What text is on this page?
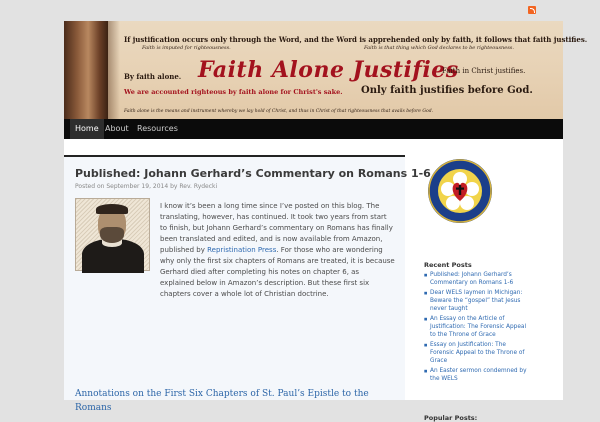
If justification occurs only through the Word, and the Word is apprehended only by faith, it follows that faith justifies.
Faith is imputed for righteousness.	Faith is that thing which God declares to be righteousness.
By faith alone. Faith Alone Justifies
Faith in Christ justifies.
We are accounted righteous by faith alone for Christ's sake. Only faith justifies before God.
Faith alone is the means and instrument whereby we lay hold of Christ, and thus in Christ of that righteousness that avails before God.
Home About	Resources
Published: Johann Gerhard’s Commentary on Romans 1-6
Posted on September 19, 2014 by Rev. Rydecki
I know it’s been a long time since I’ve posted on this blog. The translating, however, has continued. It took two years from start to finish, but Johann Gerhard’s commentary on Romans has finally been translated and edited, and is now available from Amazon, published by Repristination Press. For those who are wondering why only the first six chapters of Romans are treated, it is because Gerhard died after completing his notes on chapter 6, as explained below in Amazon’s description. But these first six chapters cover a whole lot of Christian doctrine.
Annotations on the First Six Chapters of St. Paul’s Epistle to the Romans
Recent Posts
■ Published: Johann Gerhard’s Commentary on Romans 1-6
■ Dear WELS laymen in Michigan: Beware the “gospel” that Jesus never taught
■ An Essay on the Article of Justification: The Forensic Appeal to the Throne of Grace
■ Essay on Justification: The Forensic Appeal to the Throne of Grace
■ An Easter sermon condemned by the WELS
Popular Posts:
